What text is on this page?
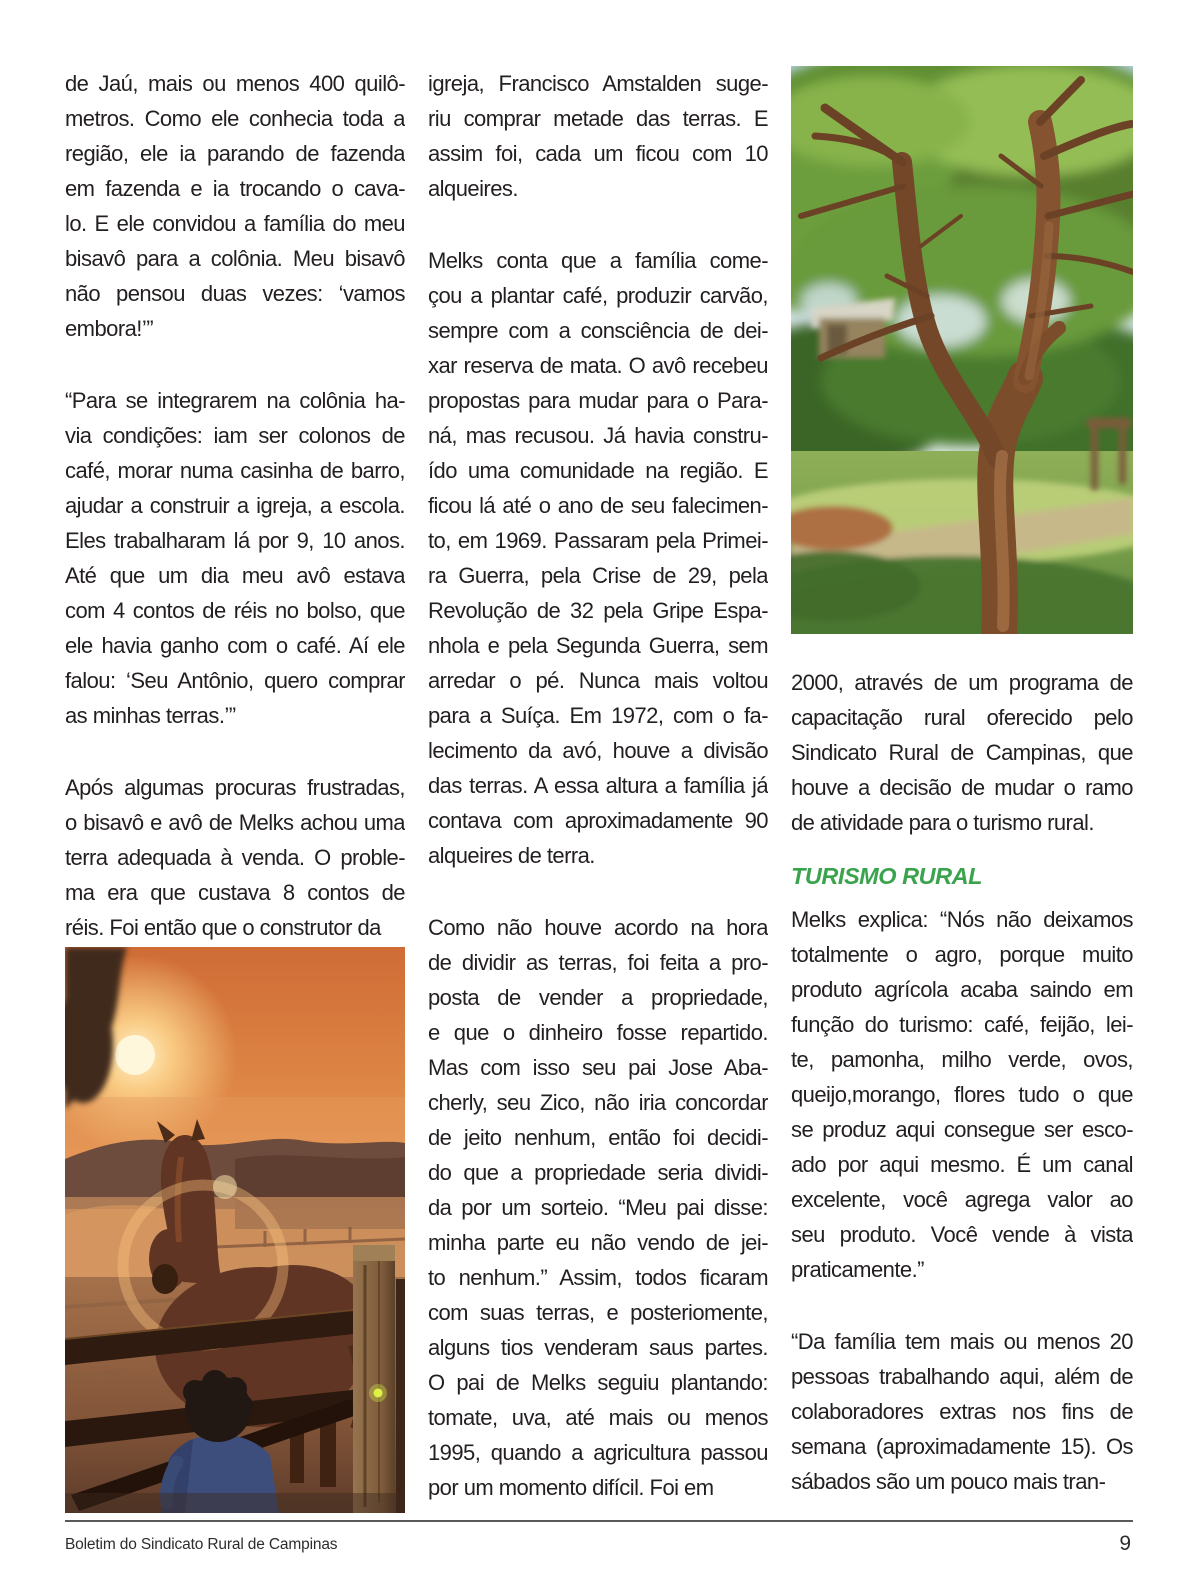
de Jaú, mais ou menos 400 quilô-
metros. Como ele conhecia toda a
região, ele ia parando de fazenda
em fazenda e ia trocando o cava-
lo. E ele convidou a família do meu
bisavô para a colônia. Meu bisavô
não pensou duas vezes: ‘vamos
embora!’”
“Para se integrarem na colônia ha-
via condições: iam ser colonos de
café, morar numa casinha de barro,
ajudar a construir a igreja, a escola.
Eles trabalharam lá por 9, 10 anos.
Até que um dia meu avô estava
com 4 contos de réis no bolso, que
ele havia ganho com o café. Aí ele
falou: ‘Seu Antônio, quero comprar
as minhas terras.’”
Após algumas procuras frustradas,
o bisavô e avô de Melks achou uma
terra adequada à venda. O proble-
ma era que custava 8 contos de
réis. Foi então que o construtor da
igreja, Francisco Amstalden suge-
riu comprar metade das terras. E
assim foi, cada um ficou com 10
alqueires.
Melks conta que a família come-
çou a plantar café, produzir carvão,
sempre com a consciência de dei-
xar reserva de mata. O avô recebeu
propostas para mudar para o Para-
ná, mas recusou. Já havia constru-
ído uma comunidade na região. E
ficou lá até o ano de seu falecimen-
to, em 1969. Passaram pela Primei-
ra Guerra, pela Crise de 29, pela
Revolução de 32 pela Gripe Espa-
nhola e pela Segunda Guerra, sem
arredar o pé. Nunca mais voltou
para a Suíça. Em 1972, com o fa-
lecimento da avó, houve a divisão
das terras. A essa altura a família já
contava com aproximadamente 90
alqueires de terra.
Como não houve acordo na hora
de dividir as terras, foi feita a pro-
posta de vender a propriedade,
e que o dinheiro fosse repartido.
Mas com isso seu pai Jose Aba-
cherly, seu Zico, não iria concordar
de jeito nenhum, então foi decidi-
do que a propriedade seria dividi-
da por um sorteio. “Meu pai disse:
minha parte eu não vendo de jei-
to nenhum.” Assim, todos ficaram
com suas terras, e posteriomente,
alguns tios venderam saus partes.
O pai de Melks seguiu plantando:
tomate, uva, até mais ou menos
1995, quando a agricultura passou
por um momento difícil. Foi em
2000, através de um programa de
capacitação rural oferecido pelo
Sindicato Rural de Campinas, que
houve a decisão de mudar o ramo
de atividade para o turismo rural.
TURISMO RURAL
Melks explica: “Nós não deixamos
totalmente o agro, porque muito
produto agrícola acaba saindo em
função do turismo: café, feijão, lei-
te, pamonha, milho verde, ovos,
queijo,morango, flores tudo o que
se produz aqui consegue ser esco-
ado por aqui mesmo. É um canal
excelente, você agrega valor ao
seu produto. Você vende à vista
praticamente.”
“Da família tem mais ou menos 20
pessoas trabalhando aqui, além de
colaboradores extras nos fins de
semana (aproximadamente 15). Os
sábados são um pouco mais tran-
Boletim do Sindicato Rural de Campinas	9
